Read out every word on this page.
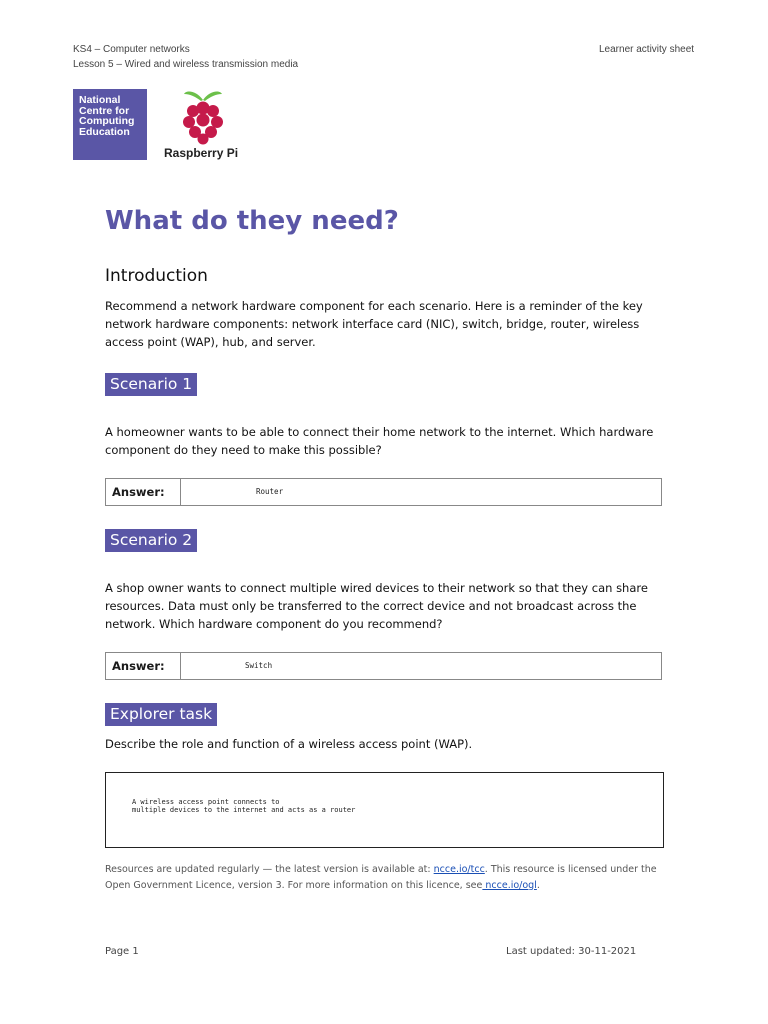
KS4 – Computer networks
Lesson 5 – Wired and wireless transmission media
Learner activity sheet
National
Centre for
Computing
Education
Raspberry Pi
What do they need?
Introduction

Recommend a network hardware component for each scenario. Here is a reminder of the key network hardware components: network interface card (NIC), switch, bridge, router, wireless access point (WAP), hub, and server.

Scenario 1

A homeowner wants to be able to connect their home network to the internet. Which hardware component do they need to make this possible?

Answer:	Router
Scenario 2

A shop owner wants to connect multiple wired devices to their network so that they can share resources. Data must only be transferred to the correct device and not broadcast across the network. Which hardware component do you recommend?

Answer:	Switch
Explorer task

Describe the role and function of a wireless access point (WAP).

A wireless access point connects to
multiple devices to the internet and acts as a router
Resources are updated regularly — the latest version is available at: ncce.io/tcc. This resource is licensed under the Open Government Licence, version 3. For more information on this licence, see ncce.io/ogl.
Page 1	Last updated: 30-11-2021
